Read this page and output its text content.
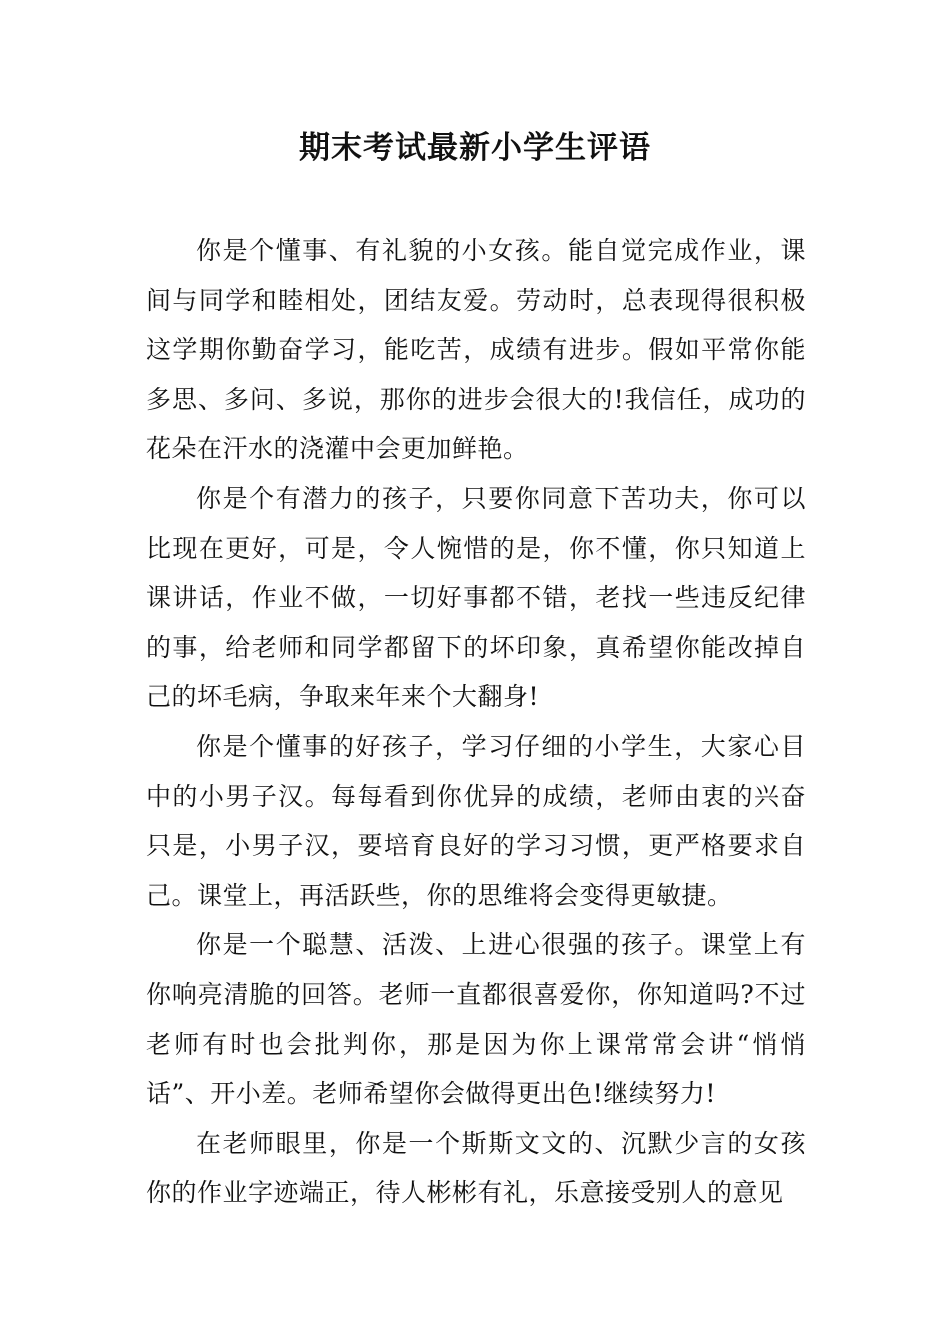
期末考试最新小学生评语

你是个懂事、有礼貌的小女孩。能自觉完成作业，课间与同学和睦相处，团结友爱。劳动时，总表现得很积极这学期你勤奋学习，能吃苦，成绩有进步。假如平常你能多思、多问、多说，那你的进步会很大的!我信任，成功的花朵在汗水的浇灌中会更加鲜艳。

你是个有潜力的孩子，只要你同意下苦功夫，你可以比现在更好，可是，令人惋惜的是，你不懂，你只知道上课讲话，作业不做，一切好事都不错，老找一些违反纪律的事，给老师和同学都留下的坏印象，真希望你能改掉自己的坏毛病，争取来年来个大翻身!

你是个懂事的好孩子，学习仔细的小学生，大家心目中的小男子汉。每每看到你优异的成绩，老师由衷的兴奋只是，小男子汉，要培育良好的学习习惯，更严格要求自己。课堂上，再活跃些，你的思维将会变得更敏捷。

你是一个聪慧、活泼、上进心很强的孩子。课堂上有你响亮清脆的回答。老师一直都很喜爱你，你知道吗?不过老师有时也会批判你，那是因为你上课常常会讲“悄悄话”、开小差。老师希望你会做得更出色!继续努力!

在老师眼里，你是一个斯斯文文的、沉默少言的女孩你的作业字迹端正，待人彬彬有礼，乐意接受别人的意见
